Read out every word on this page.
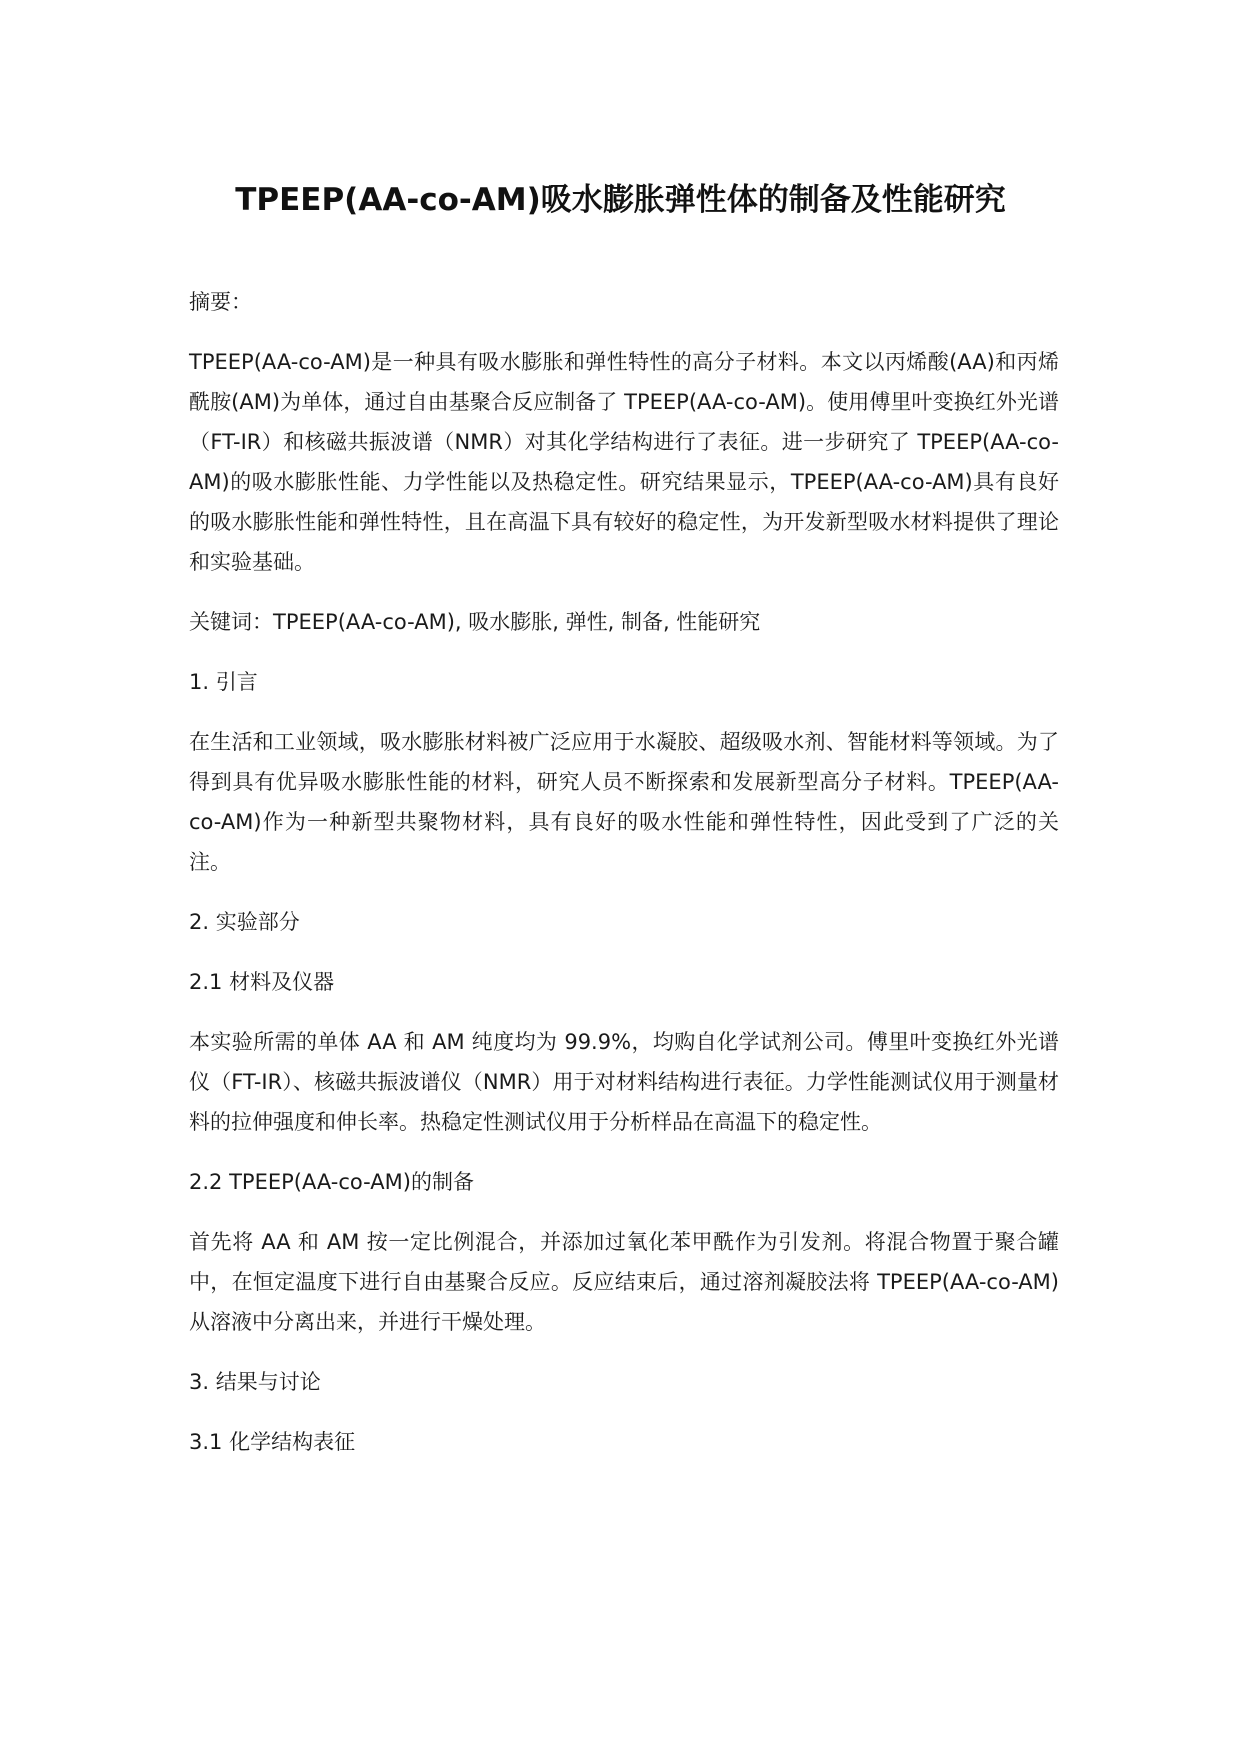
TPEEP(AA-co-AM)吸水膨胀弹性体的制备及性能研究

摘要：

TPEEP(AA-co-AM)是一种具有吸水膨胀和弹性特性的高分子材料。本文以丙烯酸(AA)和丙烯酰胺(AM)为单体，通过自由基聚合反应制备了 TPEEP(AA-co-AM)。使用傅里叶变换红外光谱（FT-IR）和核磁共振波谱（NMR）对其化学结构进行了表征。进一步研究了 TPEEP(AA-co-AM)的吸水膨胀性能、力学性能以及热稳定性。研究结果显示，TPEEP(AA-co-AM)具有良好的吸水膨胀性能和弹性特性，且在高温下具有较好的稳定性，为开发新型吸水材料提供了理论和实验基础。

关键词：TPEEP(AA-co-AM), 吸水膨胀, 弹性, 制备, 性能研究

1. 引言

在生活和工业领域，吸水膨胀材料被广泛应用于水凝胶、超级吸水剂、智能材料等领域。为了得到具有优异吸水膨胀性能的材料，研究人员不断探索和发展新型高分子材料。TPEEP(AA-co-AM)作为一种新型共聚物材料，具有良好的吸水性能和弹性特性，因此受到了广泛的关注。

2. 实验部分

2.1 材料及仪器

本实验所需的单体 AA 和 AM 纯度均为 99.9%，均购自化学试剂公司。傅里叶变换红外光谱仪（FT-IR）、核磁共振波谱仪（NMR）用于对材料结构进行表征。力学性能测试仪用于测量材料的拉伸强度和伸长率。热稳定性测试仪用于分析样品在高温下的稳定性。

2.2 TPEEP(AA-co-AM)的制备

首先将 AA 和 AM 按一定比例混合，并添加过氧化苯甲酰作为引发剂。将混合物置于聚合罐中，在恒定温度下进行自由基聚合反应。反应结束后，通过溶剂凝胶法将 TPEEP(AA-co-AM)从溶液中分离出来，并进行干燥处理。

3. 结果与讨论

3.1 化学结构表征
